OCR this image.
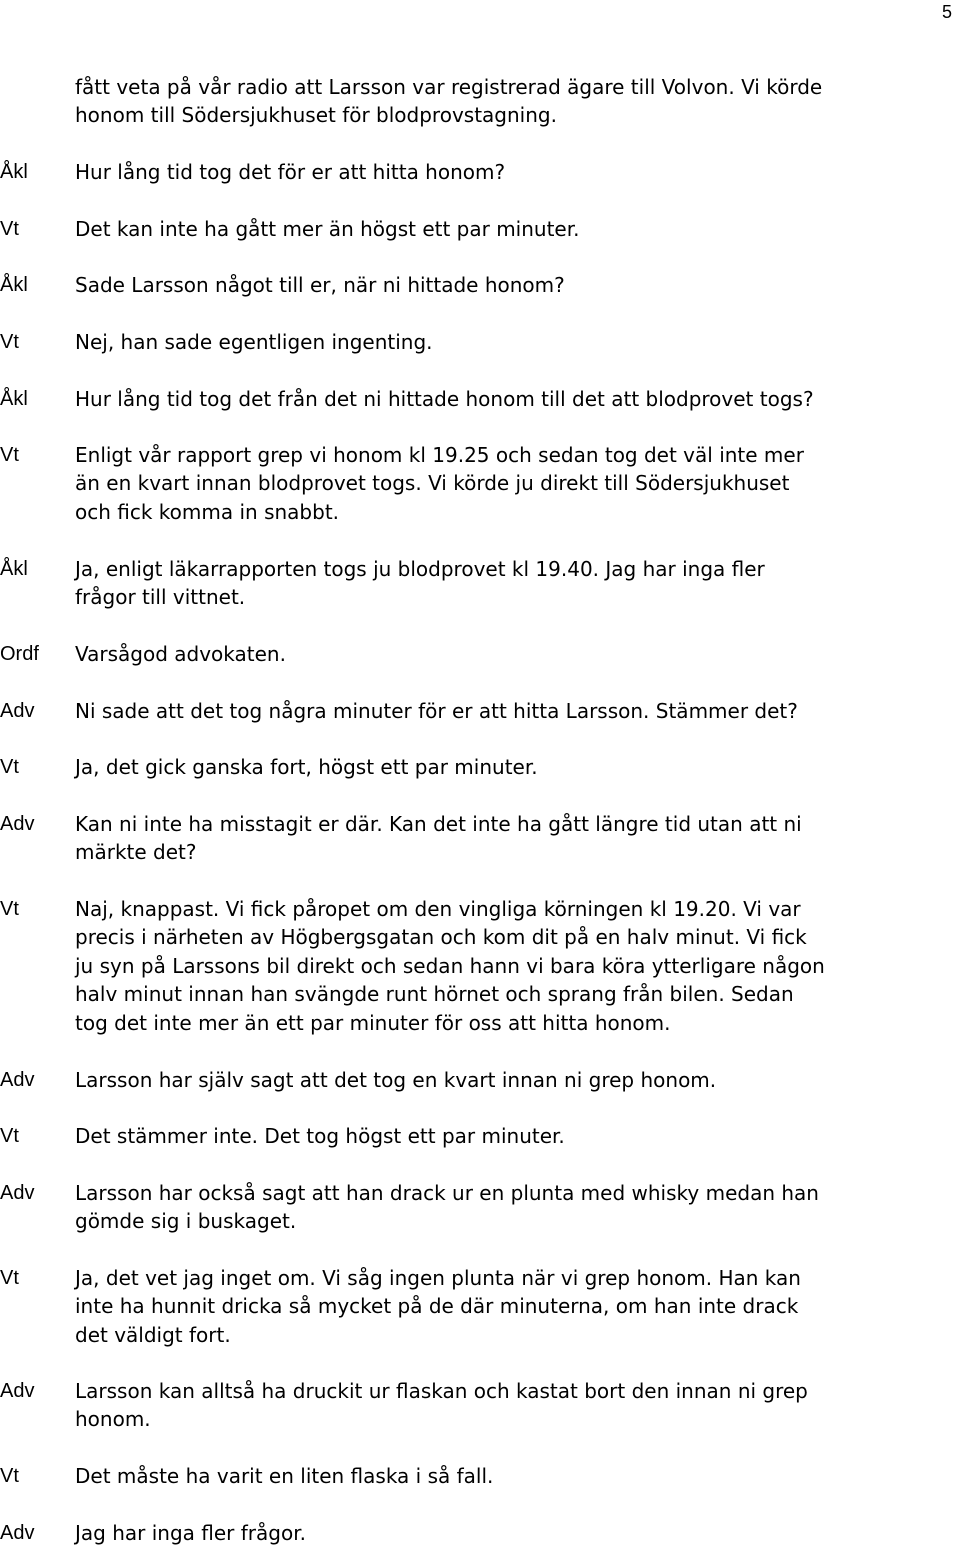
5
fått veta på vår radio att Larsson var registrerad ägare till Volvon. Vi körde
honom till Södersjukhuset för blodprovstagning.
Åkl Hur lång tid tog det för er att hitta honom?
Vt	Det kan inte ha gått mer än högst ett par minuter.
Åkl Sade Larsson något till er, när ni hittade honom?
Vt	Nej, han sade egentligen ingenting.
Åkl Hur lång tid tog det från det ni hittade honom till det att blodprovet togs?
Vt	Enligt vår rapport grep vi honom kl 19.25 och sedan tog det väl inte mer
än en kvart innan blodprovet togs. Vi körde ju direkt till Södersjukhuset
och fick komma in snabbt.
Åkl Ja, enligt läkarrapporten togs ju blodprovet kl 19.40. Jag har inga fler
frågor till vittnet.
Ordf Varsågod advokaten.
Adv Ni sade att det tog några minuter för er att hitta Larsson. Stämmer det?
Vt	Ja, det gick ganska fort, högst ett par minuter.
Adv Kan ni inte ha misstagit er där. Kan det inte ha gått längre tid utan att ni
märkte det?
Vt	Naj, knappast. Vi fick påropet om den vingliga körningen kl 19.20. Vi var
precis i närheten av Högbergsgatan och kom dit på en halv minut. Vi fick
ju syn på Larssons bil direkt och sedan hann vi bara köra ytterligare någon
halv minut innan han svängde runt hörnet och sprang från bilen. Sedan
tog det inte mer än ett par minuter för oss att hitta honom.
Adv Larsson har själv sagt att det tog en kvart innan ni grep honom.
Vt	Det stämmer inte. Det tog högst ett par minuter.
Adv Larsson har också sagt att han drack ur en plunta med whisky medan han
gömde sig i buskaget.
Vt	Ja, det vet jag inget om. Vi såg ingen plunta när vi grep honom. Han kan
inte ha hunnit dricka så mycket på de där minuterna, om han inte drack
det väldigt fort.
Adv Larsson kan alltså ha druckit ur flaskan och kastat bort den innan ni grep
honom.
Vt	Det måste ha varit en liten flaska i så fall.
Adv Jag har inga fler frågor.
